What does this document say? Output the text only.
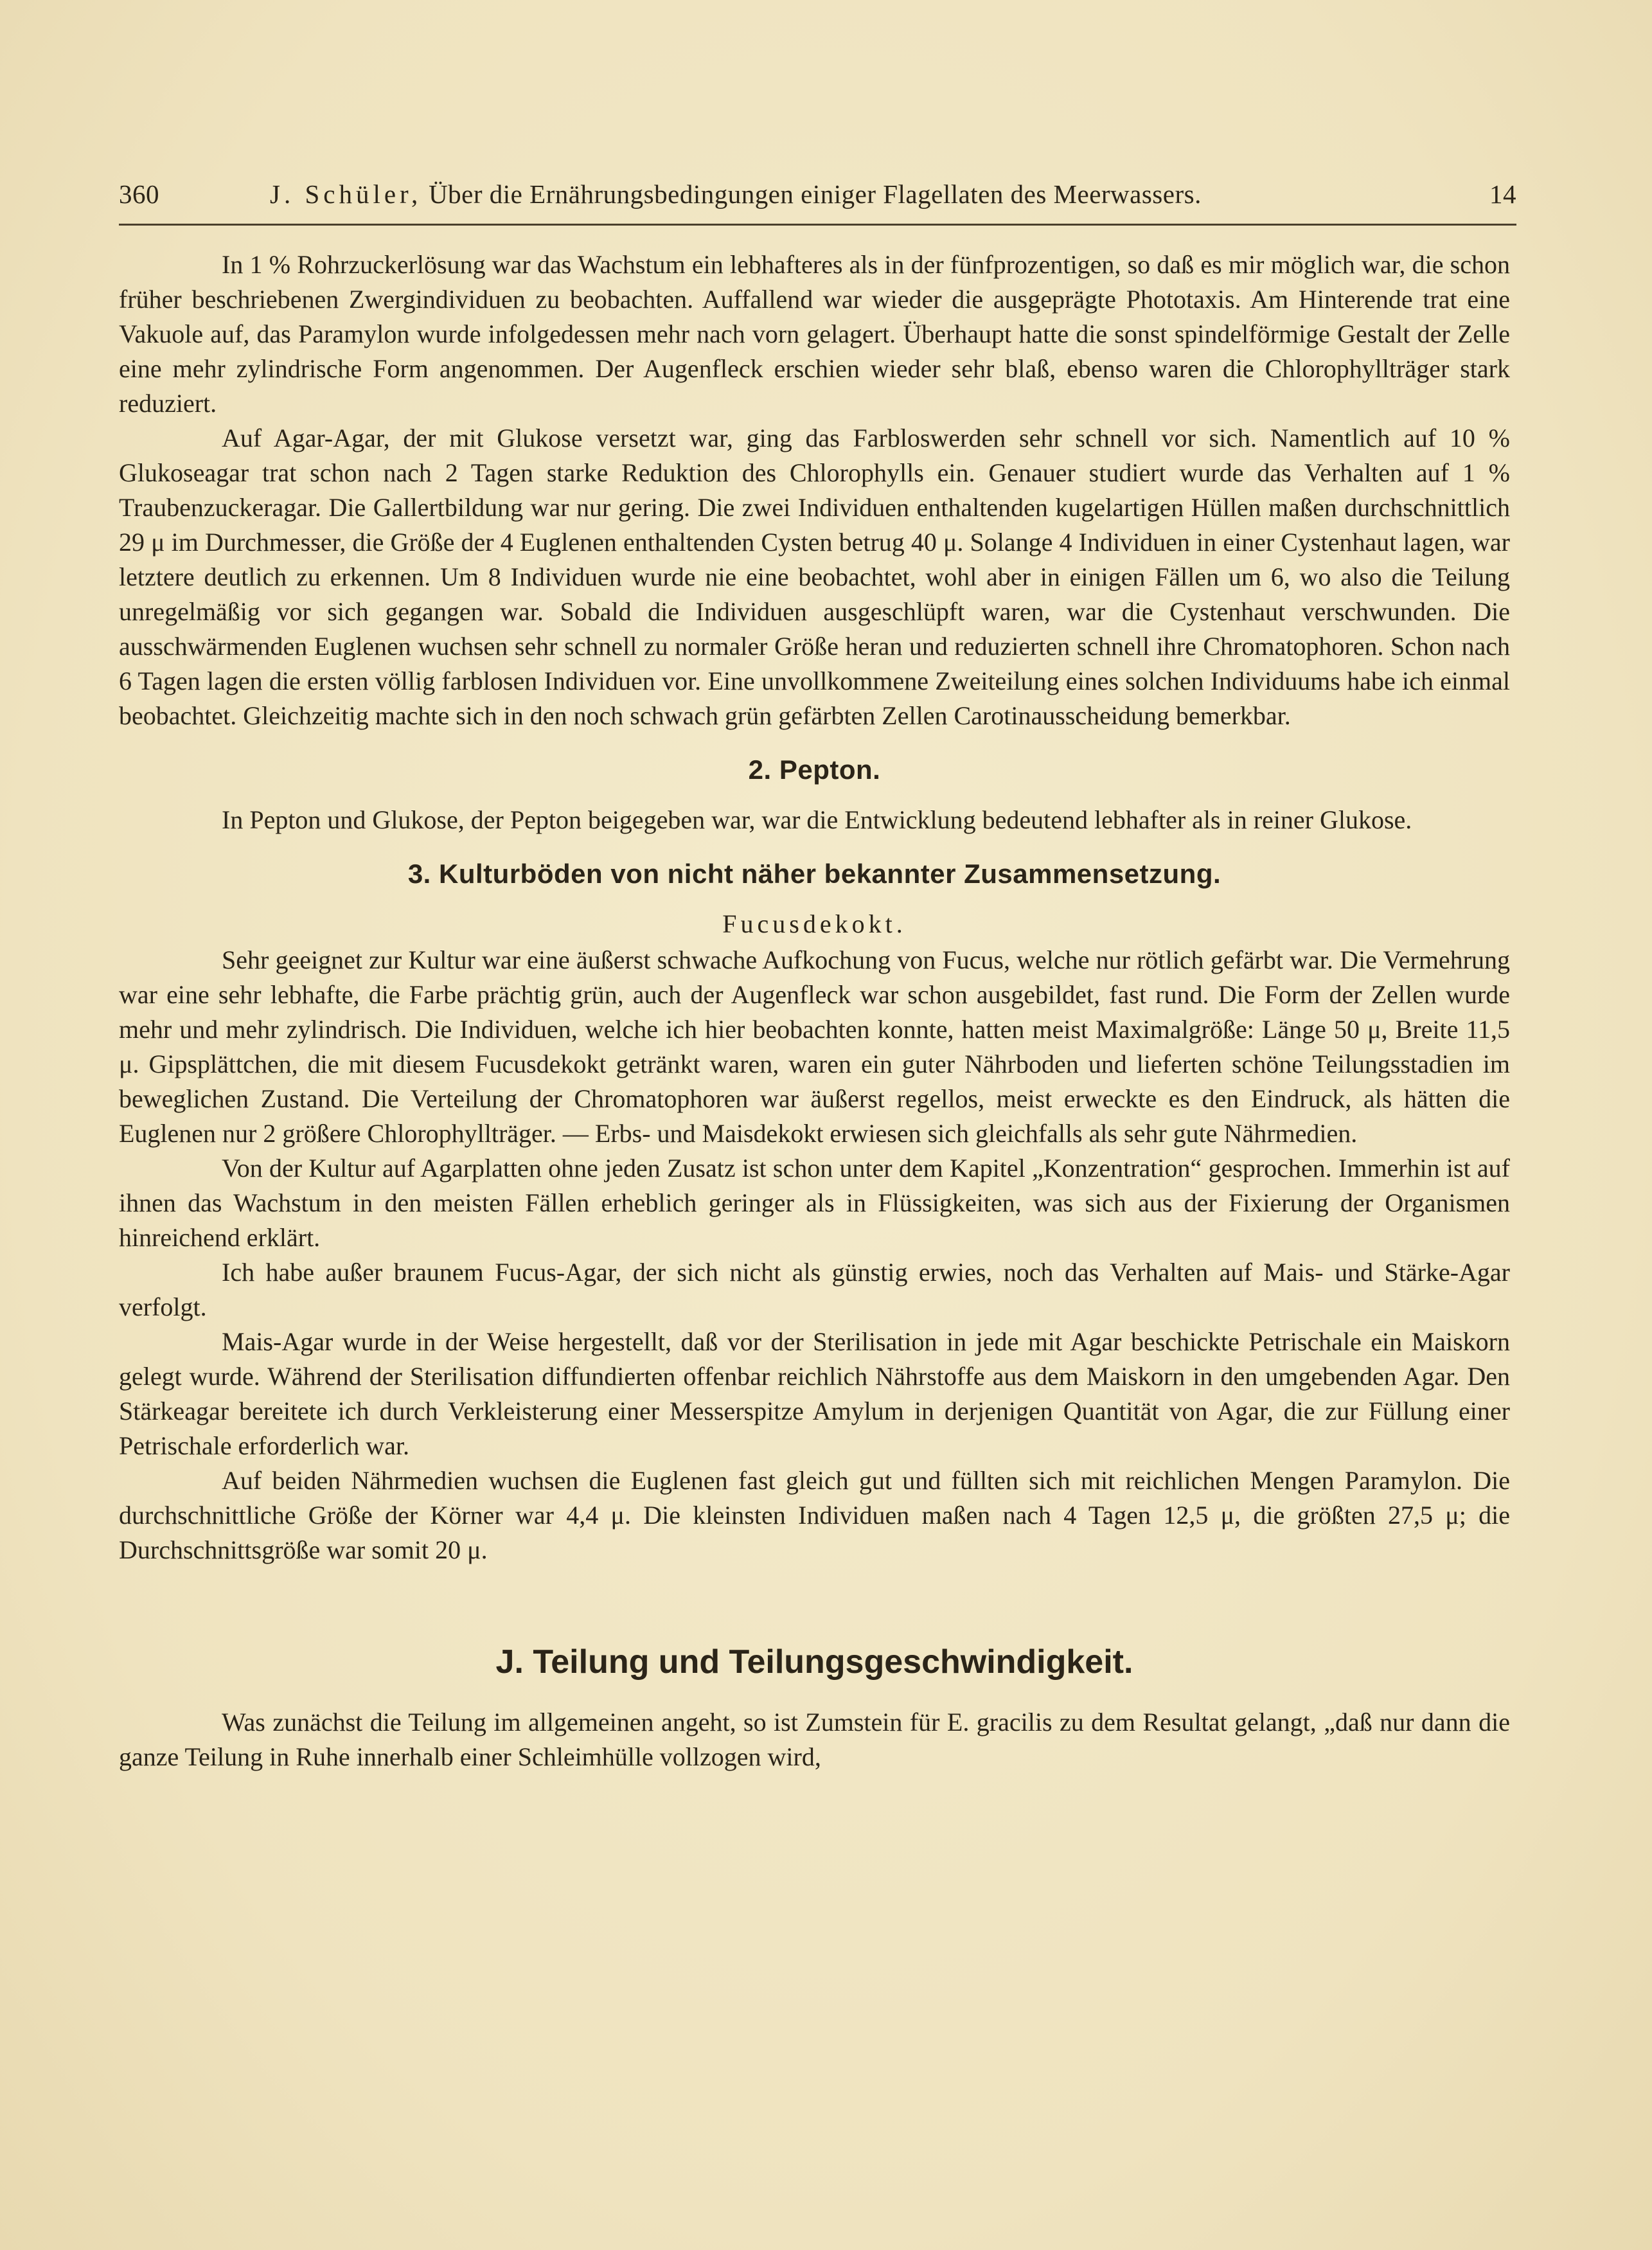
360	J. Schüler, Über die Ernährungsbedingungen einiger Flagellaten des Meerwassers.	14

In 1 % Rohrzuckerlösung war das Wachstum ein lebhafteres als in der fünfprozentigen, so daß es mir möglich war, die schon früher beschriebenen Zwergindividuen zu beobachten. Auffallend war wieder die ausgeprägte Phototaxis. Am Hinterende trat eine Vakuole auf, das Paramylon wurde infolgedessen mehr nach vorn gelagert. Überhaupt hatte die sonst spindelförmige Gestalt der Zelle eine mehr zylindrische Form angenommen. Der Augenfleck erschien wieder sehr blaß, ebenso waren die Chlorophyllträger stark reduziert.

Auf Agar-Agar, der mit Glukose versetzt war, ging das Farbloswerden sehr schnell vor sich. Namentlich auf 10 % Glukoseagar trat schon nach 2 Tagen starke Reduktion des Chlorophylls ein. Genauer studiert wurde das Verhalten auf 1 % Traubenzuckeragar. Die Gallertbildung war nur gering. Die zwei Individuen enthaltenden kugelartigen Hüllen maßen durchschnittlich 29 μ im Durchmesser, die Größe der 4 Euglenen enthaltenden Cysten betrug 40 μ. Solange 4 Individuen in einer Cystenhaut lagen, war letztere deutlich zu erkennen. Um 8 Individuen wurde nie eine beobachtet, wohl aber in einigen Fällen um 6, wo also die Teilung unregelmäßig vor sich gegangen war. Sobald die Individuen ausgeschlüpft waren, war die Cystenhaut verschwunden. Die ausschwärmenden Euglenen wuchsen sehr schnell zu normaler Größe heran und reduzierten schnell ihre Chromatophoren. Schon nach 6 Tagen lagen die ersten völlig farblosen Individuen vor. Eine unvollkommene Zweiteilung eines solchen Individuums habe ich einmal beobachtet. Gleichzeitig machte sich in den noch schwach grün gefärbten Zellen Carotinausscheidung bemerkbar.

2. Pepton.

In Pepton und Glukose, der Pepton beigegeben war, war die Entwicklung bedeutend lebhafter als in reiner Glukose.

3. Kulturböden von nicht näher bekannter Zusammensetzung.
Fucusdekokt.

Sehr geeignet zur Kultur war eine äußerst schwache Aufkochung von Fucus, welche nur rötlich gefärbt war. Die Vermehrung war eine sehr lebhafte, die Farbe prächtig grün, auch der Augenfleck war schon ausgebildet, fast rund. Die Form der Zellen wurde mehr und mehr zylindrisch. Die Individuen, welche ich hier beobachten konnte, hatten meist Maximalgröße: Länge 50 μ, Breite 11,5 μ. Gipsplättchen, die mit diesem Fucusdekokt getränkt waren, waren ein guter Nährboden und lieferten schöne Teilungsstadien im beweglichen Zustand. Die Verteilung der Chromatophoren war äußerst regellos, meist erweckte es den Eindruck, als hätten die Euglenen nur 2 größere Chlorophyllträger. — Erbs- und Maisdekokt erwiesen sich gleichfalls als sehr gute Nährmedien.

Von der Kultur auf Agarplatten ohne jeden Zusatz ist schon unter dem Kapitel „Konzentration“ gesprochen. Immerhin ist auf ihnen das Wachstum in den meisten Fällen erheblich geringer als in Flüssigkeiten, was sich aus der Fixierung der Organismen hinreichend erklärt.

Ich habe außer braunem Fucus-Agar, der sich nicht als günstig erwies, noch das Verhalten auf Mais- und Stärke-Agar verfolgt.

Mais-Agar wurde in der Weise hergestellt, daß vor der Sterilisation in jede mit Agar beschickte Petrischale ein Maiskorn gelegt wurde. Während der Sterilisation diffundierten offenbar reichlich Nährstoffe aus dem Maiskorn in den umgebenden Agar. Den Stärkeagar bereitete ich durch Verkleisterung einer Messerspitze Amylum in derjenigen Quantität von Agar, die zur Füllung einer Petrischale erforderlich war.

Auf beiden Nährmedien wuchsen die Euglenen fast gleich gut und füllten sich mit reichlichen Mengen Paramylon. Die durchschnittliche Größe der Körner war 4,4 μ. Die kleinsten Individuen maßen nach 4 Tagen 12,5 μ, die größten 27,5 μ; die Durchschnittsgröße war somit 20 μ.

J. Teilung und Teilungsgeschwindigkeit.

Was zunächst die Teilung im allgemeinen angeht, so ist Zumstein für E. gracilis zu dem Resultat gelangt, „daß nur dann die ganze Teilung in Ruhe innerhalb einer Schleimhülle vollzogen wird,
